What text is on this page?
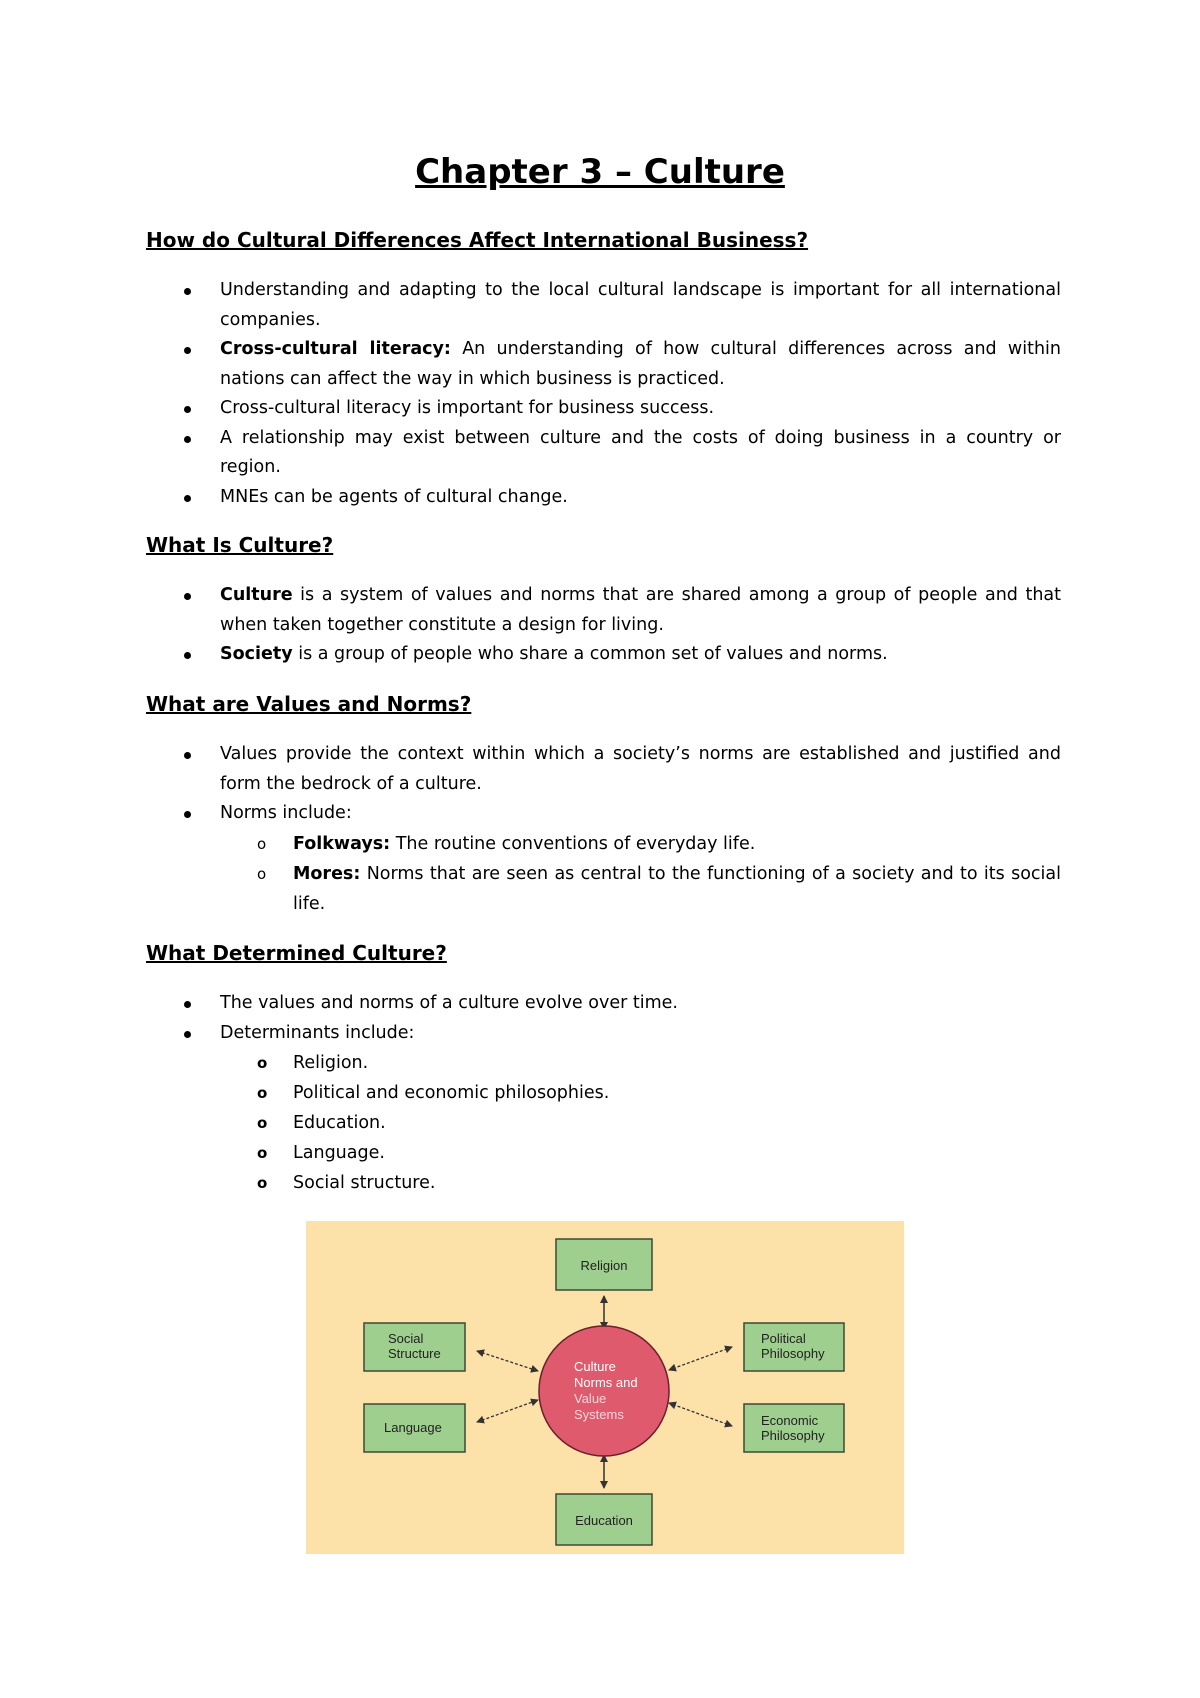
Chapter 3 – Culture

How do Cultural Differences Affect International Business?

Understanding and adapting to the local cultural landscape is important for all international companies.
Cross-cultural literacy: An understanding of how cultural differences across and within nations can affect the way in which business is practiced.
Cross-cultural literacy is important for business success.
A relationship may exist between culture and the costs of doing business in a country or region.
MNEs can be agents of cultural change.

What Is Culture?

Culture is a system of values and norms that are shared among a group of people and that when taken together constitute a design for living.
Society is a group of people who share a common set of values and norms.

What are Values and Norms?

Values provide the context within which a society’s norms are established and justified and form the bedrock of a culture.
Norms include:
o Folkways: The routine conventions of everyday life.
o Mores: Norms that are seen as central to the functioning of a society and to its social life.

What Determined Culture?

The values and norms of a culture evolve over time.
Determinants include:
o Religion.
o Political and economic philosophies.
o Education.
o Language.
o Social structure.
Culture
Norms and
Value
Systems
Religion
Education
Social
Structure
Language
Political
Philosophy
Economic
Philosophy
